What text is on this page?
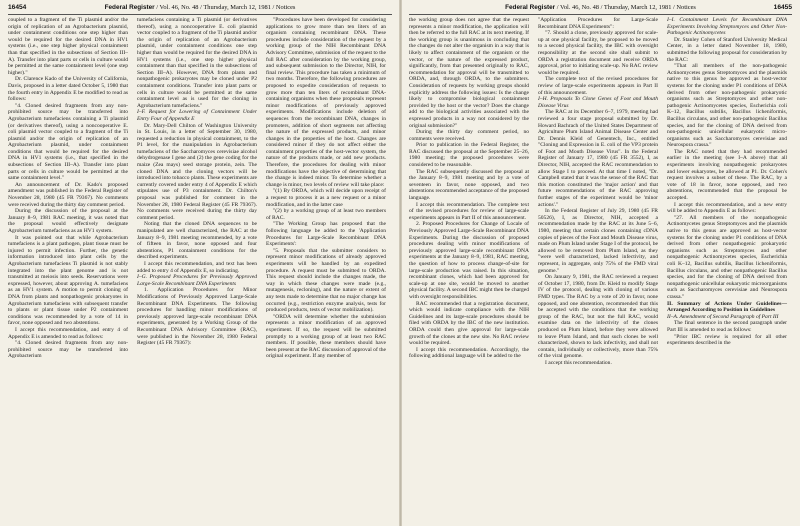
16454	Federal Register / Vol. 46, No. 48 / Thursday, March 12, 1981 / Notices

coupled to a fragment of the Ti plasmid and/or the origin of replication of an Agrobacterium plasmid, under containment conditions one step higher than would be required for the desired DNA in HV1 systems (i.e., one step higher physical containment than that specified in the subsections of Section III–A). Transfer into plant parts or cells in culture would be permitted at the same containment level (one step higher)."

Dr. Clarence Kado of the University of California, Davis, proposed in a letter dated October 5, 1980 that the fourth entry in Appendix E be modified to read as follows:

"4. Cloned desired fragments from any non-prohibited source may be transferred into Agrobacterium tumefaciens containing a Ti plasmid (or derivatives thereof), using a noncooperative E. coli plasmid vector coupled to a fragment of the Ti plasmid and/or the origin of replication of an Agrobacterium plasmid, under containment conditions that would be required for the desired DNA in HV1 systems (i.e., that specified in the subsections of Section III–A). Transfer into plant parts or cells in culture would be permitted at the same containment level."

An announcement of Dr. Kado's proposed amendment was published in the Federal Register of November 28, 1980 (45 FR 79367). No comments were received during the thirty day comment period.

During the discussion of the proposal at the January 8–9, 1981 RAC meeting, it was noted that the proposal would effectively designate Agrobacterium tumefaciens as an HV1 system.

It was pointed out that while Agrobacterium tumefaciens is a plant pathogen, plant tissue must be injured to permit infection. Further, the genetic information introduced into plant cells by the Agrobacterium tumefaciens Ti plasmid is not stably integrated into the plant genome and is not transmitted at meiosis into seeds. Reservations were expressed, however, about approving A. tumefaciens as an HV1 system. A motion to permit cloning of DNA from plants and nonpathogenic prokaryotes in Agrobacterium tumefaciens with subsequent transfer to plants or plant tissue under P2 containment conditions was recommended by a vote of 14 in favor, none opposed and two abstentions.

I accept this recommendation, and entry 4 of Appendix E is amended to read as follows:

"4. Cloned desired fragments from any non-prohibited source may be transferred into Agrobacterium

tumefaciens containing a Ti plasmid (or derivatives thereof), using a noncooperative E. coli plasmid vector coupled to a fragment of the Ti plasmid and/or the origin of replication of an Agrobacterium plasmid, under containment conditions one step higher than would be required for the desired DNA in HV1 systems (i.e., one step higher physical containment than that specified in the subsections of Section III–A). However, DNA from plants and nonpathogenic prokaryotes may be cloned under P2 containment conditions. Transfer into plant parts or cells in culture would be permitted at the same containment level as is used for the cloning in Agrobacterium tumefaciens."

I–F. Request for Lowering of Containment Under Entry Four of Appendix E

Dr. Mary-Dell Chilton of Washington University in St. Louis, in a letter of September 30, 1980, requested a reduction in physical containment, to the P1 level, for the manipulation in Agrobacterium tumefaciens of the Saccharomyces cerevisiae alcohol dehydrogenase I gene and (2) the gene coding for the maize (Zea mays) seed storage protein, zein. The cloned DNA and the cloning vectors will be introduced into tobacco plants. These experiments are currently covered under entry 4 of Appendix E which stipulates use of P3 containment. Dr. Chilton's proposal was published for comment in the November 28, 1980 Federal Register (45 FR 79367). No comments were received during the thirty day comment period.

Noting that the cloned DNA sequences to be manipulated are well characterized, the RAC at the January 8–9, 1981 meeting recommended, by a vote of fifteen in favor, none opposed and four abstentions, P1 containment conditions for the described experiments.

I accept this recommendation, and text has been added to entry 4 of Appendix E, so indicating.

I–G. Proposed Procedures for Previously Approved Large-Scale Recombinant DNA Experiments

1. Application Procedures for Minor Modifications of Previously Approved Large-Scale Recombinant DNA Experiments. The following procedures for handling minor modifications of previously approved large-scale recombinant DNA experiments, generated by a Working Group of the Recombinant DNA Advisory Committee (RAC), were published in the November 28, 1980 Federal Register (45 FR 79367):

"Procedures have been developed for considering applications to grow more than ten liters of an organism containing recombinant DNA. These procedures include consideration of the request by a working group of the NIH Recombinant DNA Advisory Committee, submission of the request to the full RAC after consideration by the working group, and subsequent submission to the Director, NIH, for final review. This procedure has taken a minimum of two months. Therefore, the following procedures are proposed to expedite consideration of requests to grow more than ten liters of recombinant DNA-containing organisms when these proposals represent minor modifications of previously approved experiments. Modifications include deletion of sequences from the recombinant DNA, changes in promoters, addition of short segments not affecting the nature of the expressed products, and minor changes in the properties of the host. Changes are considered minor if they do not affect either the containment properties of the host-vector system, the nature of the products made, or add new products. Therefore, the procedures for dealing with minor modifications have the objective of determining that the change is indeed minor. To determine whether a change is minor, two levels of review will take place:

"(1) By ORDA, which will decide upon receipt of a request to process it as a new request or a minor modification, and in the latter case

"(2) by a working group of at least two members of RAC.

"The Working Group has proposed that the following language be added to the 'Application Procedures for Large-Scale Recombinant DNA Experiments':

"5. Proposals that the submitter considers to represent minor modifications of already approved experiments will be handled by an expedited procedure. A request must be submitted to ORDA. This request should include the changes made, the way in which these changes were made (e.g., mutagenesis, recloning), and the nature or extent of any tests made to determine that no major change has occurred (e.g., restriction enzyme analysis, tests for produced products, tests of vector mobilization).

"ORDA will determine whether the submission represents a minor modification of an approved experiment. If so, the request will be submitted promptly to a working group of at least two RAC members. If possible, these members should have been present at the RAC discussion of approval of the original experiment. If any member of

Federal Register / Vol. 46, No. 48 / Thursday, March 12, 1981 / Notices	16455

the working group does not agree that the request represents a minor modification, the application will then be referred to the full RAC at its next meeting. If the working group is unanimous in concluding that the changes do not alter the organism in a way that is likely to affect containment of the organism or the vector, or the nature of the expressed product, significantly, from that presented originally to RAC, recommendation for approval will be transmitted to ORDA, and, through ORDA, to the submitters. Consideration of requests by working groups should explicitly address the following issues: Is the change likely to compromise biological containment provided by the host or the vector? Does the change add to the biological activities associated with the expressed products in a way not considered by the original submission?"

During the thirty day comment period, no comments were received.

Prior to publication in the Federal Register, the RAC discussed the proposal at the September 25–26, 1980 meeting; the proposed procedures were considered to be reasonable.

The RAC subsequently discussed the proposal at the January 8–9, 1981 meeting and by a vote of seventeen in favor, none opposed, and two abstentions recommended acceptance of the proposed language.

I accept this recommendation. The complete text of the revised procedures for review of large-scale experiments appears in Part II of this announcement.

2. Proposed Procedures for Change of Locale of Previously Approved Large-Scale Recombinant DNA Experiments. During the discussion of proposed procedures dealing with minor modifications of previously approved large-scale recombinant DNA experiments at the January 8–9, 1981, RAC meeting, the question of how to process change-of-site for large-scale production was raised. In this situation, recombinant clones, which had been approved for scale-up at one site, would be moved to another physical facility. A second IBC might then be charged with oversight responsibilities.

RAC recommended that a registration document, which would indicate compliance with the NIH Guidelines and its large-scale procedures should be filed with ORDA by the IBC of the new institution. ORDA could then give approval for large-scale growth of the clones at the new site. No RAC review would be required.

I accept this recommendation. Accordingly, the following additional language will be added to the

"Application Procedures for Large-Scale Recombinant DNA Experiments":

"7. Should a clone, previously approved for scale-up at one physical facility, be proposed to be moved to a second physical facility, the IBC with oversight responsibility at the second site shall submit to ORDA a registration document and receive ORDA approval, prior to initiating scale-up. No RAC review would be required.

The complete text of the revised procedures for review of large-scale experiments appears in Part II of this announcement.

I–H. Proposals To Clone Genes of Foot and Mouth Disease Virus

The RAC at its December 6–7, 1979, meeting had reviewed a four stage proposal submitted by Dr. Howard Bachrach of the United States Department of Agriculture Plum Island Animal Disease Center and Dr. Dennis Kleid of Genentech, Inc., entitled "Cloning and Expression in E. coli of the VP3 protein of Foot and Mouth Disease Virus". In the Federal Register of January 17, 1980 (45 FR 3552), I, as Director, NIH, accepted the RAC recommendation to allow Stage I to proceed. At that time I noted, "Dr. Campbell stated that it was the sense of the RAC that this motion constituted the 'major action' and that future recommendations of the RAC approving further stages of the experiment would be 'minor actions'."

In the Federal Register of July 29, 1980 (45 FR 50526), I, as Director, NIH, accepted a recommendation made by the RAC at its June 5–6, 1980, meeting that certain clones containing cDNA copies of pieces of the Foot and Mouth Disease virus, made on Plum Island under Stage I of the protocol, be allowed to be removed from Plum Island, as they "were well characterized, lacked infectivity, and represent, in aggregate, only 75% of the FMD viral genome."

On January 9, 1981, the RAC reviewed a request of October 17, 1980, from Dr. Kleid to modify Stage IV of the protocol, dealing with cloning of various FMD types. The RAC by a vote of 20 in favor, none opposed, and one abstention, recommended that this be accepted with the conditions that the working group of the RAC, but not the full RAC, would examine data on the infectivity of the clones produced on Plum Island, before they were allowed to leave Plum Island, and that such clones be well characterized, shown to lack infectivity, and shall not contain, individually or collectively, more than 75% of the viral genome.

I accept this recommendation.

I–I. Containment Levels for Recombinant DNA Experiments Involving Streptomyces and Other Non-Pathogenic Actinomycetes

Dr. Stanley Cohen of Stanford University Medical Center, in a letter dated November 18, 1980, submitted the following proposal for consideration by the RAC:

"That all members of the non-pathogenic Actinomycetes genus Streptomyces and the plasmids native to this genus be approved as host-vector systems for the cloning under P1 conditions of DNA derived from other non-pathogenic prokaryotic organisms such as Streptomyces and other non-pathogenic Actinomycetes species, Escherichia coli K–12, Bacillus subtilis, Bacillus licheniformis, Bacillus circulans, and other non-pathogenic Bacillus species, and for the cloning of DNA derived from non-pathogenic unicellular eukaryotic micro-organisms such as Saccharomyces cerevisiae and Neurospora crassa."

The RAC noted that they had recommended earlier in the meeting (see I–A above) that all experiments involving nonpathogenic prokaryotes and lower eukaryotes, be allowed at P1. Dr. Cohen's request involves a subset of these. The RAC, by a vote of 18 in favor, none opposed, and two abstentions, recommended that the proposal be accepted.

I accept this recommendation, and a new entry will be added to Appendix E as follows:

"27. All members of the nonpathogenic Actinomycetes genus Streptomyces and the plasmids native to this genus are approved as host-vector systems for the cloning under P1 conditions of DNA derived from other nonpathogenic prokaryotic organisms such as Streptomyces and other nonpathogenic Actinomycetes species, Escherichia coli K–12, Bacillus subtilis, Bacillus licheniformis, Bacillus circulans, and other nonpathogenic Bacillus species, and for the cloning of DNA derived from nonpathogenic unicellular eukaryotic microorganisms such as Saccharomyces cerevisiae and Neurospora crassa."

II. Summary of Actions Under Guidelines—Arranged According to Position in Guidelines

II–A. Amendment of Second Paragraph of Part III

The final sentence in the second paragraph under Part III is amended to read as follows:

"Prior IBC review is required for all other experiments described in the
